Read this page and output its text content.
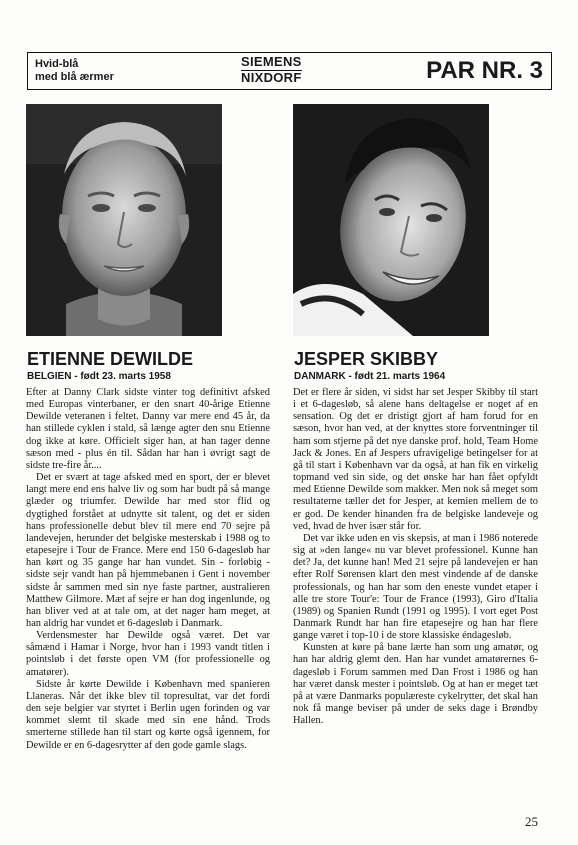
Hvid-blå
med blå ærmer
SIEMENS
NIXDORF	PAR NR. 3
ETIENNE DEWILDE
BELGIEN - født 23. marts 1958
JESPER SKIBBY
DANMARK - født 21. marts 1964

Efter at Danny Clark sidste vinter tog definitivt afsked med Europas vinterbaner, er den snart 40-årige Etienne Dewilde veteranen i feltet. Danny var mere end 45 år, da han stillede cyklen i stald, så længe agter den snu Etienne dog ikke at køre. Officielt siger han, at han tager denne sæson med - plus én til. Sådan har han i øvrigt sagt de sidste tre-fire år....

Det er svært at tage afsked med en sport, der er blevet langt mere end ens halve liv og som har budt på så mange glæder og triumfer. Dewilde har med stor flid og dygtighed forstået at udnytte sit talent, og det er siden hans professionelle debut blev til mere end 70 sejre på landevejen, herunder det belgiske mesterskab i 1988 og to etapesejre i Tour de France. Mere end 150 6-dagesløb har han kørt og 35 gange har han vundet. Sin - forløbig - sidste sejr vandt han på hjemmebanen i Gent i november sidste år sammen med sin nye faste partner, australieren Matthew Gilmore. Mæt af sejre er han dog ingenlunde, og han bliver ved at at tale om, at det nager ham meget, at han aldrig har vundet et 6-dagesløb i Danmark.

Verdensmester har Dewilde også været. Det var såmænd i Hamar i Norge, hvor han i 1993 vandt titlen i pointsløb i det første open VM (for professionelle og amatører).

Sidste år kørte Dewilde i København med spanieren Llaneras. Når det ikke blev til topresultat, var det fordi den seje belgier var styrtet i Berlin ugen forinden og var kommet slemt til skade med sin ene hånd. Trods smerterne stillede han til start og kørte også igennem, for Dewilde er en 6-dagesrytter af den gode gamle slags.

Det er flere år siden, vi sidst har set Jesper Skibby til start i et 6-dagesløb, så alene hans deltagelse er noget af en sensation. Og det er dristigt gjort af ham forud for en sæson, hvor han ved, at der knyttes store forventninger til ham som stjerne på det nye danske prof. hold, Team Home Jack & Jones. En af Jespers ufravigelige betingelser for at gå til start i København var da også, at han fik en virkelig topmand ved sin side, og det ønske har han fået opfyldt med Etienne Dewilde som makker. Men nok så meget som resultaterne tæller det for Jesper, at kemien mellem de to er god. De kender hinanden fra de belgiske landeveje og ved, hvad de hver især står for.

Det var ikke uden en vis skepsis, at man i 1986 noterede sig at »den lange« nu var blevet professionel. Kunne han det? Ja, det kunne han! Med 21 sejre på landevejen er han efter Rolf Sørensen klart den mest vindende af de danske professionals, og han har som den eneste vundet etaper i alle tre store Tour'e: Tour de France (1993), Giro d'Italia (1989) og Spanien Rundt (1991 og 1995). I vort eget Post Danmark Rundt har han fire etapesejre og han har flere gange været i top-10 i de store klassiske éndagesløb.

Kunsten at køre på bane lærte han som ung amatør, og han har aldrig glemt den. Han har vundet amatørernes 6-dagesløb i Forum sammen med Dan Frost i 1986 og han har været dansk mester i pointsløb. Og at han er meget tæt på at være Danmarks populæreste cykelrytter, det skal han nok få mange beviser på under de seks dage i Brøndby Hallen.

25
